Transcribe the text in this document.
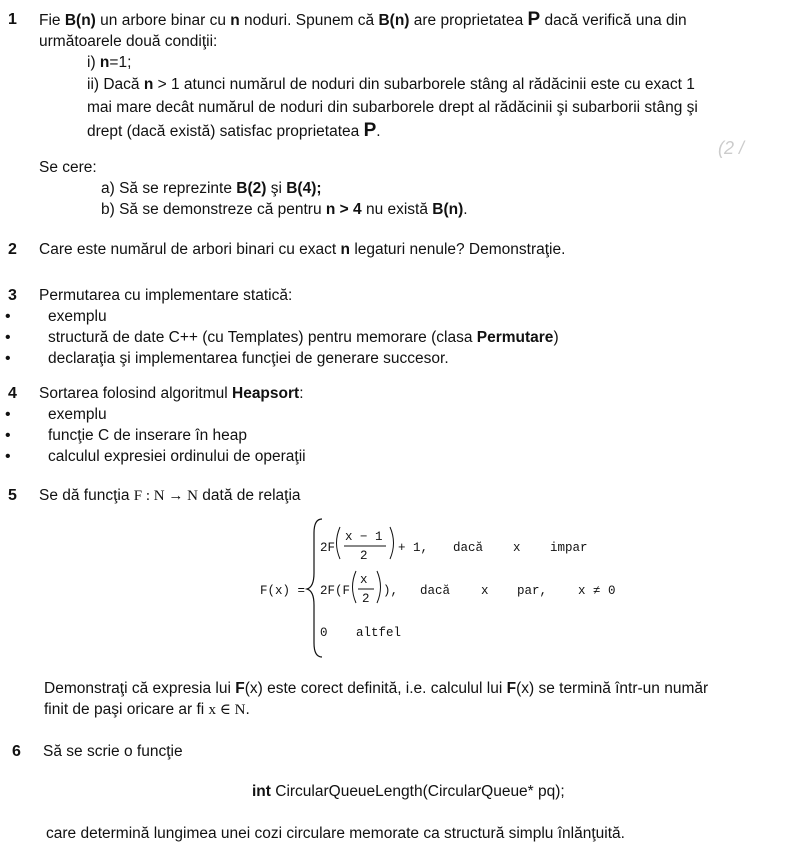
1 Fie B(n) un arbore binar cu n noduri. Spunem că B(n) are proprietatea P dacă verifică una din
următoarele două condiţii:
i) n=1;
ii) Dacă n > 1 atunci numărul de noduri din subarborele stâng al rădăcinii este cu exact 1
mai mare decât numărul de noduri din subarborele drept al rădăcinii şi subarborii stâng şi
drept (dacă există) satisfac proprietatea P.
Se cere:
a) Să se reprezinte B(2) şi B(4);
b) Să se demonstreze că pentru n > 4 nu există B(n).
(2 /
2 Care este numărul de arbori binari cu exact n legaturi nenule? Demonstraţie.
3 Permutarea cu implementare statică:
• exemplu
• structură de date C++ (cu Templates) pentru memorare (clasa Permutare)
• declaraţia şi implementarea funcţiei de generare succesor.
4 Sortarea folosind algoritmul Heapsort:
• exemplu
• funcţie C de inserare în heap
• calculul expresiei ordinului de operaţii
5 Se dă funcţia F : N → N dată de relaţia
F(x) =
2F
x − 1
2
+ 1, dacă x impar
2F(F
x
2
), dacă x par, x ≠ 0
0 altfel
Demonstraţi că expresia lui F(x) este corect definită, i.e. calculul lui F(x) se termină într-un număr
finit de paşi oricare ar fi x ∈ N.
6 Să se scrie o funcţie
int CircularQueueLength(CircularQueue* pq);
care determină lungimea unei cozi circulare memorate ca structură simplu înlănţuită.
